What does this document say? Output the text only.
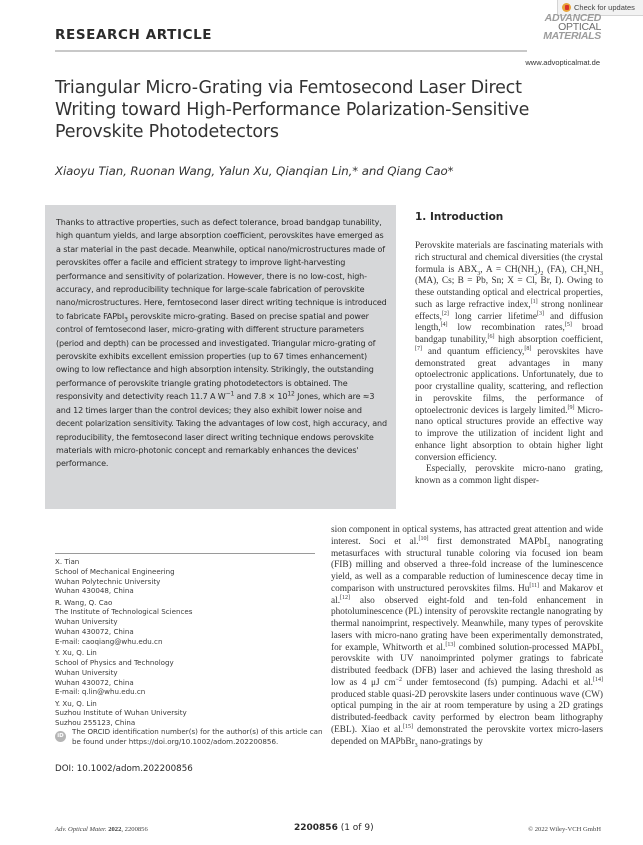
Check for updates
RESEARCH ARTICLE
ADVANCED
OPTICAL
MATERIALS
www.advopticalmat.de
Triangular Micro-Grating via Femtosecond Laser Direct Writing toward High-Performance Polarization-Sensitive Perovskite Photodetectors
Xiaoyu Tian, Ruonan Wang, Yalun Xu, Qianqian Lin,* and Qiang Cao*

Thanks to attractive properties, such as defect tolerance, broad bandgap tunability, high quantum yields, and large absorption coefficient, perovskites have emerged as a star material in the past decade. Meanwhile, optical nano/microstructures made of perovskites offer a facile and efficient strategy to improve light-harvesting performance and sensitivity of polarization. However, there is no low-cost, high-accuracy, and reproducibility technique for large-scale fabrication of perovskite nano/microstructures. Here, femtosecond laser direct writing technique is introduced to fabricate FAPbI$_3$ perovskite micro-grating. Based on precise spatial and power control of femtosecond laser, micro-grating with different structure parameters (period and depth) can be processed and investigated. Triangular micro-grating of perovskite exhibits excellent emission properties (up to 67 times enhancement) owing to low reflectance and high absorption intensity. Strikingly, the outstanding performance of perovskite triangle grating photodetectors is obtained. The responsivity and detectivity reach 11.7 A $W^{-1}$ and $7.8 \times 10^{12}$ Jones, which are ≈3 and 12 times larger than the control devices; they also exhibit lower noise and decent polarization sensitivity. Taking the advantages of low cost, high accuracy, and reproducibility, the femtosecond laser direct writing technique endows perovskite materials with micro-photonic concept and remarkably enhances the devices' performance.

1. Introduction

Perovskite materials are fascinating materials with rich structural and chemical diversities (the crystal formula is $ABX_3$, $A = CH(NH_2)_2$ (FA), $CH_3NH_3$ (MA), Cs; B = Pb, Sn; X = Cl, Br, I). Owing to these outstanding optical and electrical properties, such as large refractive index,[1] strong nonlinear effects,[2] long carrier lifetime[3] and diffusion length,[4] low recombination rates,[5] broad bandgap tunability,[6] high absorption coefficient,[7] and quantum efficiency,[8] perovskites have demonstrated great advantages in many optoelectronic applications. Unfortunately, due to poor crystalline quality, scattering, and reflection in perovskite films, the performance of optoelectronic devices is largely limited.[9] Micro-nano optical structures provide an effective way to improve the utilization of incident light and enhance light absorption to obtain higher light conversion efficiency.

Especially, perovskite micro-nano grating, known as a common light disper-

sion component in optical systems, has attracted great attention and wide interest. Soci et al.[10] first demonstrated MAPbI$_3$ nanograting metasurfaces with structural tunable coloring via focused ion beam (FIB) milling and observed a three-fold increase of the luminescence yield, as well as a comparable reduction of luminescence decay time in comparison with unstructured perovskites films. Hu[11] and Makarov et al.[12] also observed eight-fold and ten-fold enhancement in photoluminescence (PL) intensity of perovskite rectangle nanograting by thermal nanoimprint, respectively. Meanwhile, many types of perovskite lasers with micro-nano grating have been experimentally demonstrated, for example, Whitworth et al.[13] combined solution-processed MAPbI$_3$ perovskite with UV nanoimprinted polymer gratings to fabricate distributed feedback (DFB) laser and achieved the lasing threshold as low as 4 μJ $cm^{-2}$ under femtosecond (fs) pumping. Adachi et al.[14] produced stable quasi-2D perovskite lasers under continuous wave (CW) optical pumping in the air at room temperature by using a 2D gratings distributed-feedback cavity performed by electron beam lithography (EBL). Xiao et al.[15] demonstrated the perovskite vortex micro-lasers depended on MAPbBr$_3$ nano-gratings by

X. Tian
School of Mechanical Engineering
Wuhan Polytechnic University
Wuhan 430048, China
R. Wang, Q. Cao
The Institute of Technological Sciences
Wuhan University
Wuhan 430072, China
E-mail: caoqiang@whu.edu.cn
Y. Xu, Q. Lin
School of Physics and Technology
Wuhan University
Wuhan 430072, China
E-mail: q.lin@whu.edu.cn
Y. Xu, Q. Lin
Suzhou Institute of Wuhan University
Suzhou 255123, China
iD	The ORCID identification number(s) for the author(s) of this article can be found under https://doi.org/10.1002/adom.202200856.
DOI: 10.1002/adom.202200856
Adv. Optical Mater. 2022, 2200856	2200856 (1 of 9)	© 2022 Wiley-VCH GmbH
